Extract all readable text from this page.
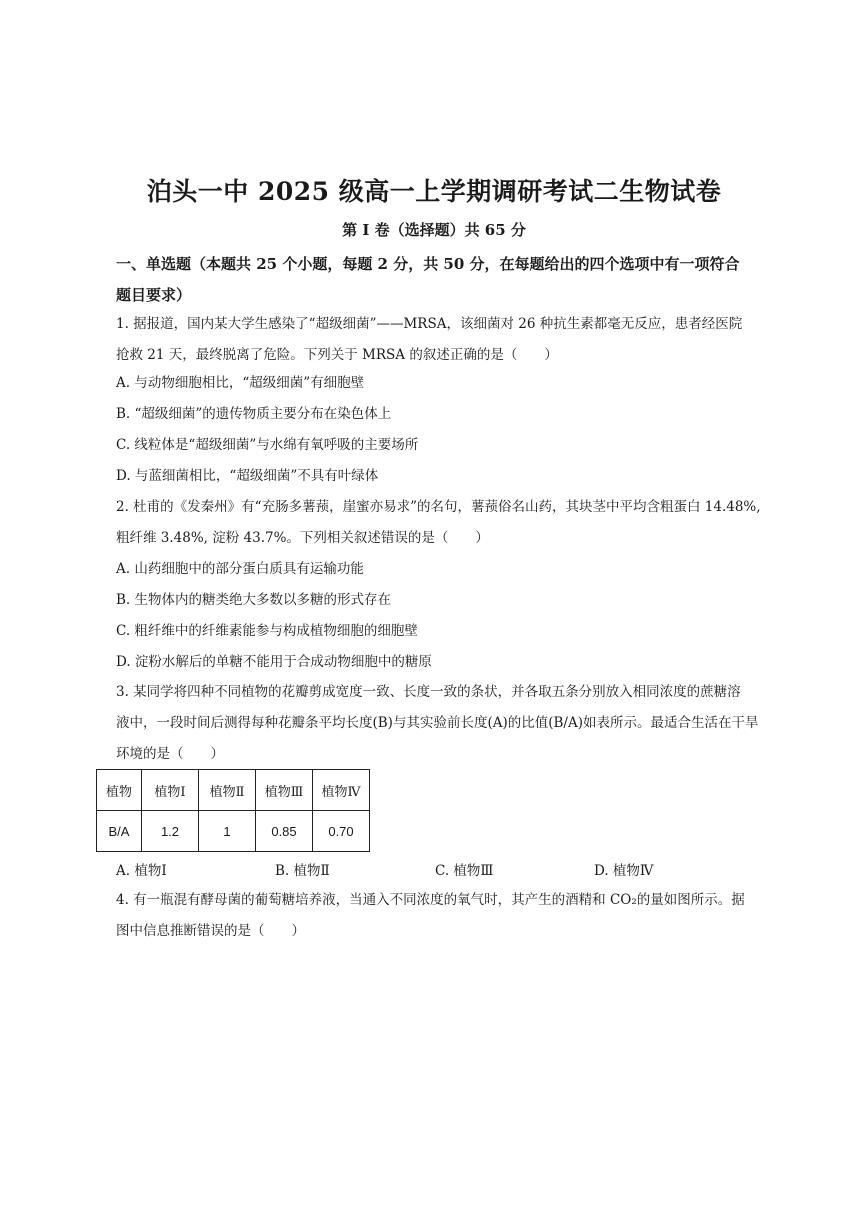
泊头一中 2025 级高一上学期调研考试二生物试卷
第 I 卷（选择题）共 65 分
一、单选题（本题共 25 个小题，每题 2 分，共 50 分，在每题给出的四个选项中有一项符合
题目要求）

1. 据报道，国内某大学生感染了“超级细菌”——MRSA，该细菌对 26 种抗生素都毫无反应，患者经医院

抢救 21 天，最终脱离了危险。下列关于 MRSA 的叙述正确的是（　　）

A. 与动物细胞相比，“超级细菌”有细胞壁
B. “超级细菌”的遗传物质主要分布在染色体上
C. 线粒体是“超级细菌”与水绵有氧呼吸的主要场所
D. 与蓝细菌相比，“超级细菌”不具有叶绿体

2. 杜甫的《发秦州》有“充肠多薯蓣，崖蜜亦易求”的名句，薯蓣俗名山药，其块茎中平均含粗蛋白 14.48%,

粗纤维 3.48%, 淀粉 43.7%。下列相关叙述错误的是（　　）

A. 山药细胞中的部分蛋白质具有运输功能
B. 生物体内的糖类绝大多数以多糖的形式存在
C. 粗纤维中的纤维素能参与构成植物细胞的细胞壁
D. 淀粉水解后的单糖不能用于合成动物细胞中的糖原

3. 某同学将四种不同植物的花瓣剪成宽度一致、长度一致的条状，并各取五条分别放入相同浓度的蔗糖溶

液中，一段时间后测得每种花瓣条平均长度(B)与其实验前长度(A)的比值(B/A)如表所示。最适合生活在干旱

环境的是（　　）

植物	植物Ⅰ	植物Ⅱ	植物Ⅲ	植物Ⅳ
B/A	1.2	1	0.85	0.70
A. 植物Ⅰ	B. 植物Ⅱ	C. 植物Ⅲ	D. 植物Ⅳ

4. 有一瓶混有酵母菌的葡萄糖培养液，当通入不同浓度的氧气时，其产生的酒精和 CO₂的量如图所示。据

图中信息推断错误的是（　　）
